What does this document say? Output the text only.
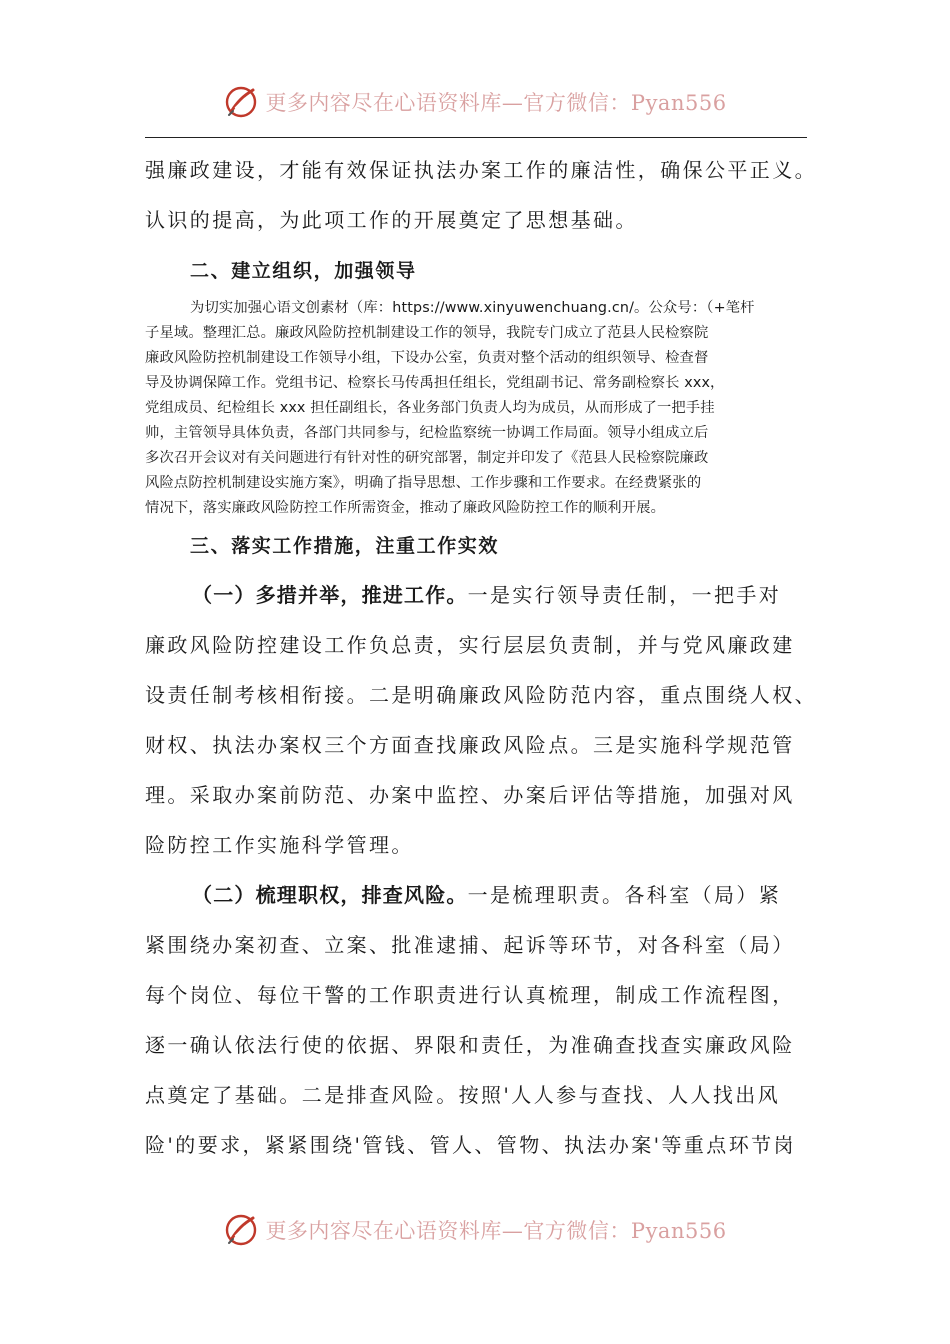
更多内容尽在心语资料库—官方微信：Pyan556
强廉政建设，才能有效保证执法办案工作的廉洁性，确保公平正义。
认识的提高，为此项工作的开展奠定了思想基础。
二、建立组织，加强领导
为切实加强心语文创素材（库：https://www.xinyuwenchuang.cn/。公众号：（+笔杆
子星域。整理汇总。廉政风险防控机制建设工作的领导，我院专门成立了范县人民检察院
廉政风险防控机制建设工作领导小组，下设办公室，负责对整个活动的组织领导、检查督
导及协调保障工作。党组书记、检察长马传禹担任组长，党组副书记、常务副检察长 xxx，
党组成员、纪检组长 xxx 担任副组长，各业务部门负责人均为成员，从而形成了一把手挂
帅，主管领导具体负责，各部门共同参与，纪检监察统一协调工作局面。领导小组成立后
多次召开会议对有关问题进行有针对性的研究部署，制定并印发了《范县人民检察院廉政
风险点防控机制建设实施方案》，明确了指导思想、工作步骤和工作要求。在经费紧张的
情况下，落实廉政风险防控工作所需资金，推动了廉政风险防控工作的顺利开展。
三、落实工作措施，注重工作实效
（一）多措并举，推进工作。一是实行领导责任制，一把手对
廉政风险防控建设工作负总责，实行层层负责制，并与党风廉政建
设责任制考核相衔接。二是明确廉政风险防范内容，重点围绕人权、
财权、执法办案权三个方面查找廉政风险点。三是实施科学规范管
理。采取办案前防范、办案中监控、办案后评估等措施，加强对风
险防控工作实施科学管理。
（二）梳理职权，排查风险。一是梳理职责。各科室（局）紧
紧围绕办案初查、立案、批准逮捕、起诉等环节，对各科室（局）
每个岗位、每位干警的工作职责进行认真梳理，制成工作流程图，
逐一确认依法行使的依据、界限和责任，为准确查找查实廉政风险
点奠定了基础。二是排查风险。按照'人人参与查找、人人找出风
险'的要求，紧紧围绕'管钱、管人、管物、执法办案'等重点环节岗
更多内容尽在心语资料库—官方微信：Pyan556
